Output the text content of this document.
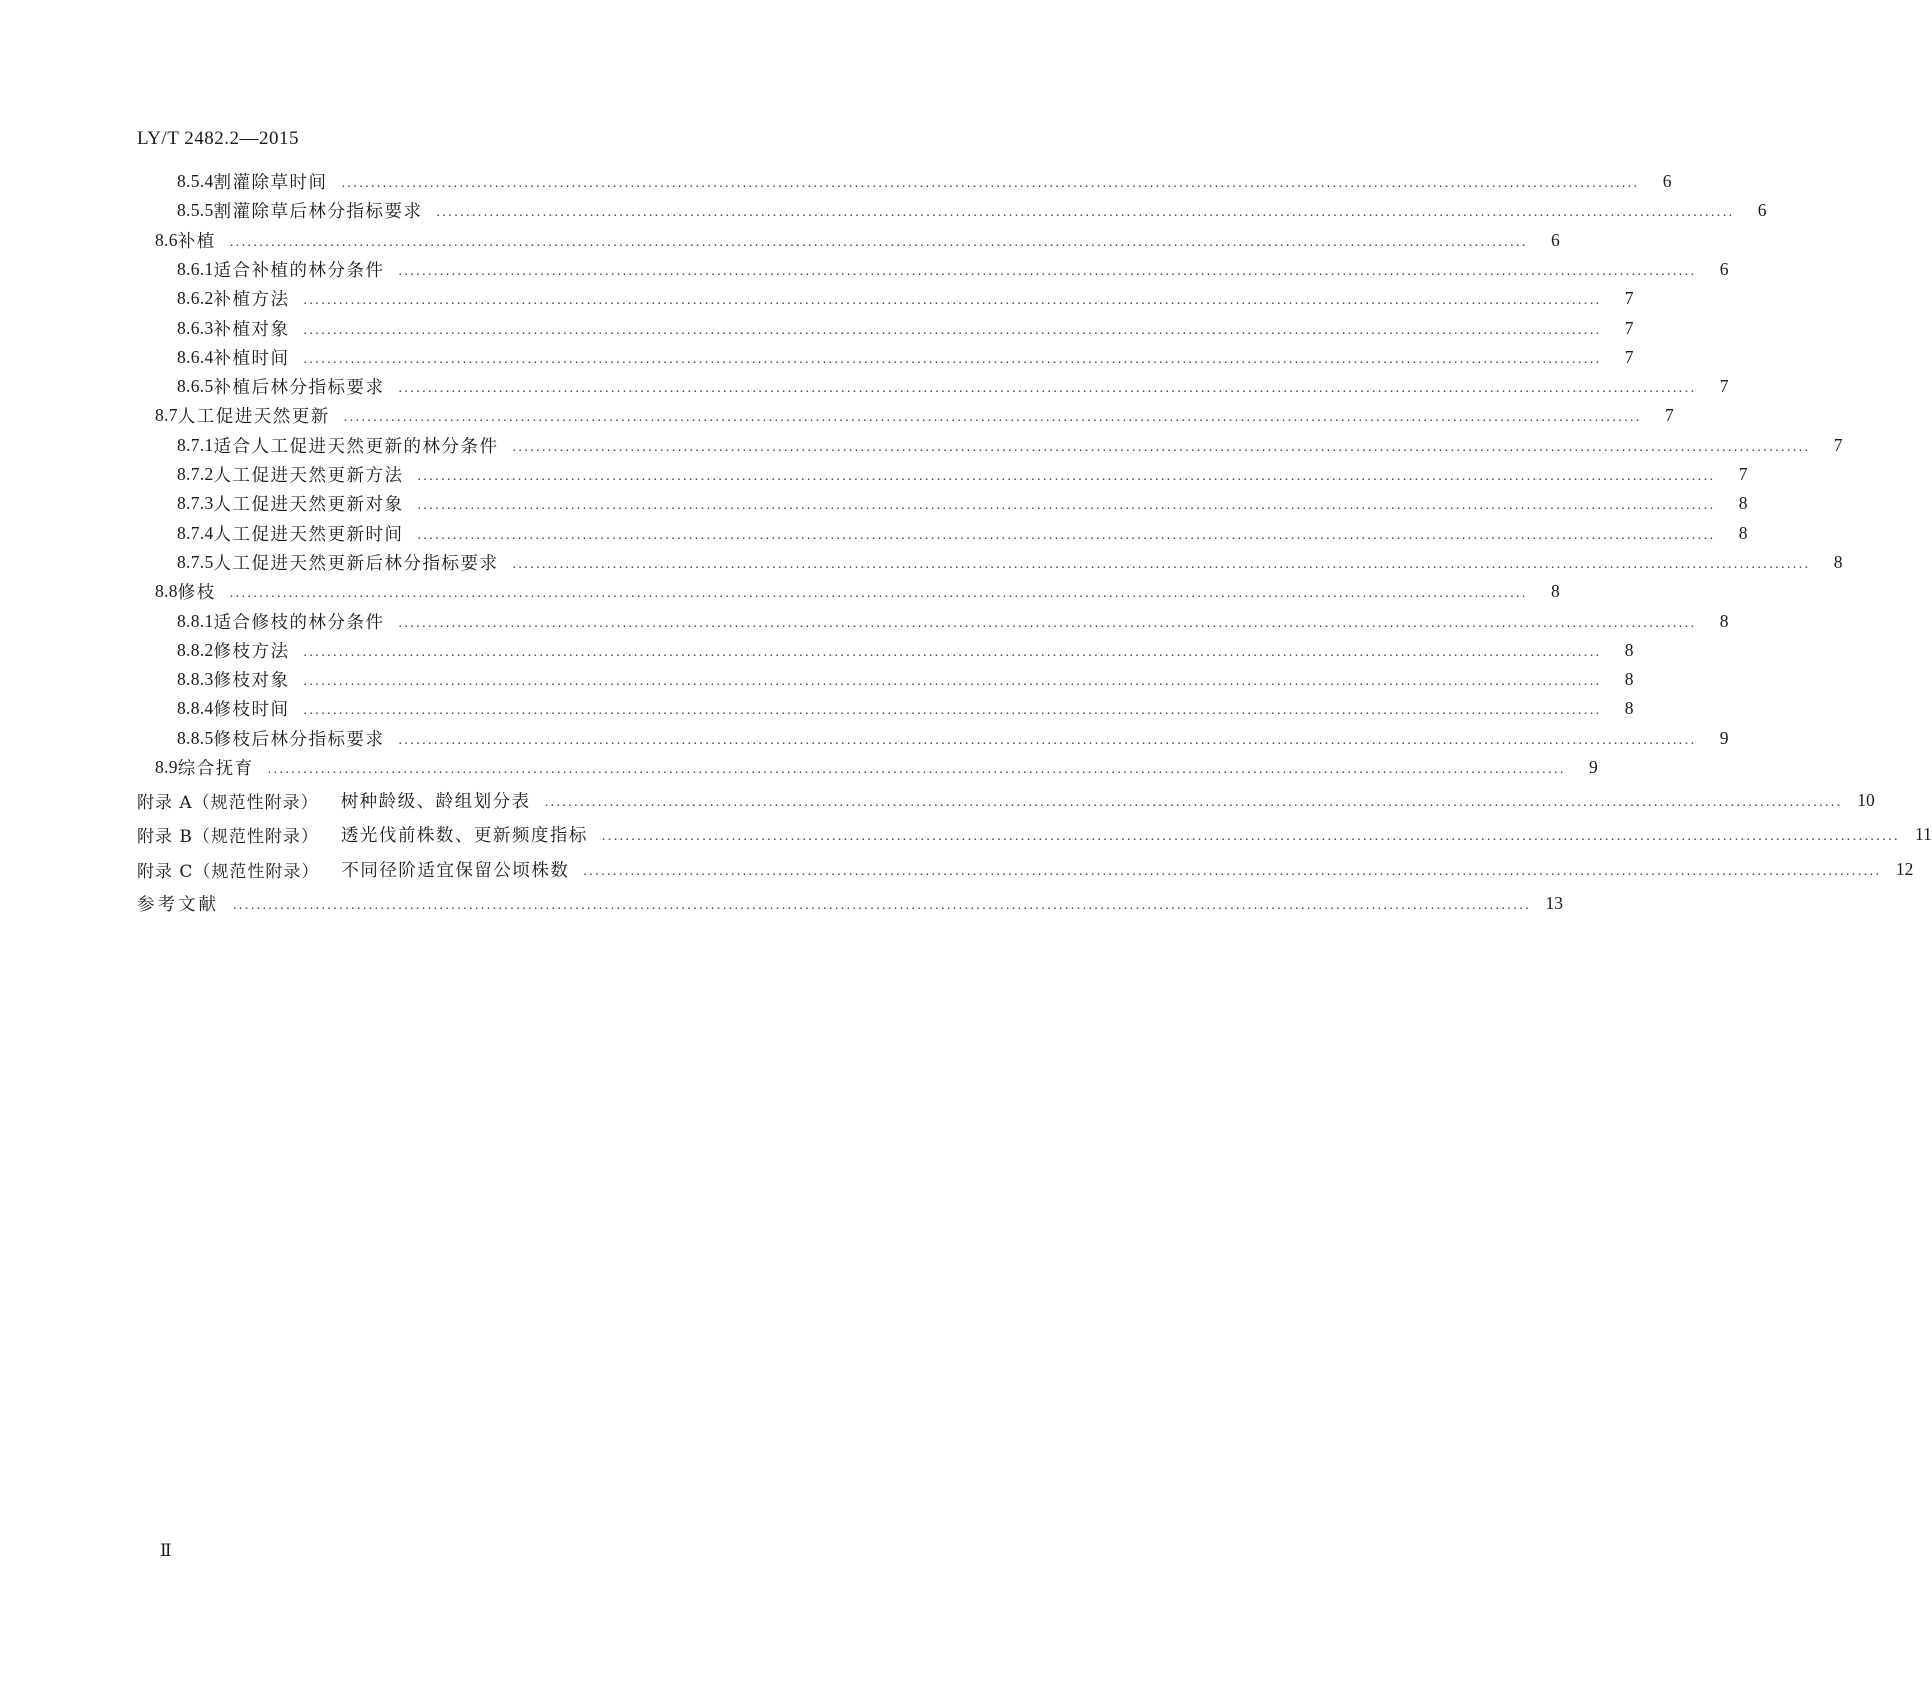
LY/T 2482.2—2015
8.5.4 割灌除草时间 ............................................................................................................................................................................................................................	6
8.5.5 割灌除草后林分指标要求 ............................................................................................................................................................................................................................	6
8.6 补植 ............................................................................................................................................................................................................................	6
8.6.1 适合补植的林分条件 ............................................................................................................................................................................................................................	6
8.6.2 补植方法 ............................................................................................................................................................................................................................	7
8.6.3 补植对象 ............................................................................................................................................................................................................................	7
8.6.4 补植时间 ............................................................................................................................................................................................................................	7
8.6.5 补植后林分指标要求 ............................................................................................................................................................................................................................	7
8.7 人工促进天然更新 ............................................................................................................................................................................................................................	7
8.7.1 适合人工促进天然更新的林分条件 ............................................................................................................................................................................................................................	7
8.7.2 人工促进天然更新方法 ............................................................................................................................................................................................................................	7
8.7.3 人工促进天然更新对象 ............................................................................................................................................................................................................................	8
8.7.4 人工促进天然更新时间 ............................................................................................................................................................................................................................	8
8.7.5 人工促进天然更新后林分指标要求 ............................................................................................................................................................................................................................	8
8.8 修枝 ............................................................................................................................................................................................................................	8
8.8.1 适合修枝的林分条件 ............................................................................................................................................................................................................................	8
8.8.2 修枝方法 ............................................................................................................................................................................................................................	8
8.8.3 修枝对象 ............................................................................................................................................................................................................................	8
8.8.4 修枝时间 ............................................................................................................................................................................................................................	8
8.8.5 修枝后林分指标要求 ............................................................................................................................................................................................................................	9
8.9 综合抚育 ............................................................................................................................................................................................................................	9
附录 A（规范性附录） 树种龄级、龄组划分表 ............................................................................................................................................................................................................................ 10
附录 B（规范性附录） 透光伐前株数、更新频度指标 ............................................................................................................................................................................................................................ 11
附录 C（规范性附录） 不同径阶适宜保留公顷株数 ............................................................................................................................................................................................................................ 12
参考文献 ............................................................................................................................................................................................................................ 13
Ⅱ
